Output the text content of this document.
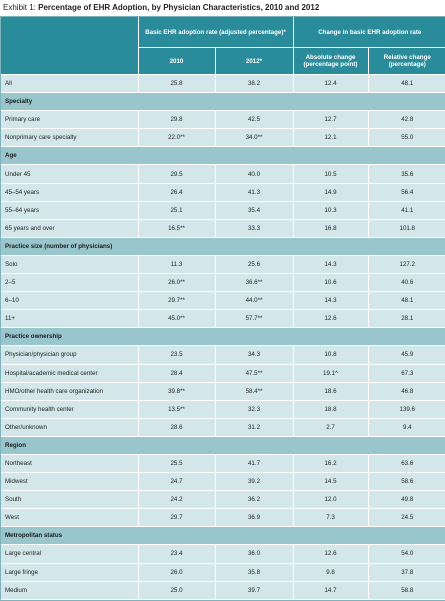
Exhibit 1: Percentage of EHR Adoption, by Physician Characteristics, 2010 and 2012
	Basic EHR adoption rate (adjusted percentage)*		Change in basic EHR adoption rate	
	2010	2012*	Absolute change (percentage point)	Relative change (percentage)
All	25.8	38.2	12.4	48.1
Specialty				
Primary care	29.8	42.5	12.7	42.8
Nonprimary care specialty	22.0**	34.0**	12.1	55.0
Age				
Under 45	29.5	40.0	10.5	35.6
45–54 years	26.4	41.3	14.9	56.4
55–64 years	25.1	35.4	10.3	41.1
65 years and over	16.5**	33.3	16.8	101.8
Practice size (number of physicians)				
Solo	11.3	25.6	14.3	127.2
2–5	26.0**	36.6**	10.6	40.6
6–10	29.7**	44.0**	14.3	48.1
11+	45.0**	57.7**	12.6	28.1
Practice ownership				
Physician/physician group	23.5	34.3	10.8	45.9
Hospital/academic medical center	28.4	47.5**	19.1^	67.3
HMO/other health care organization	39.8**	58.4**	18.6	46.8
Community health center	13.5**	32.3	18.8	139.6
Other/unknown	28.6	31.2	2.7	9.4
Region				
Northeast	25.5	41.7	16.2	63.6
Midwest	24.7	39.2	14.5	58.6
South	24.2	36.2	12.0	49.8
West	29.7	36.9	7.3	24.5
Metropolitan status				
Large central	23.4	36.0	12.6	54.0
Large fringe	26.0	35.8	9.8	37.8
Medium	25.0	39.7	14.7	58.8
